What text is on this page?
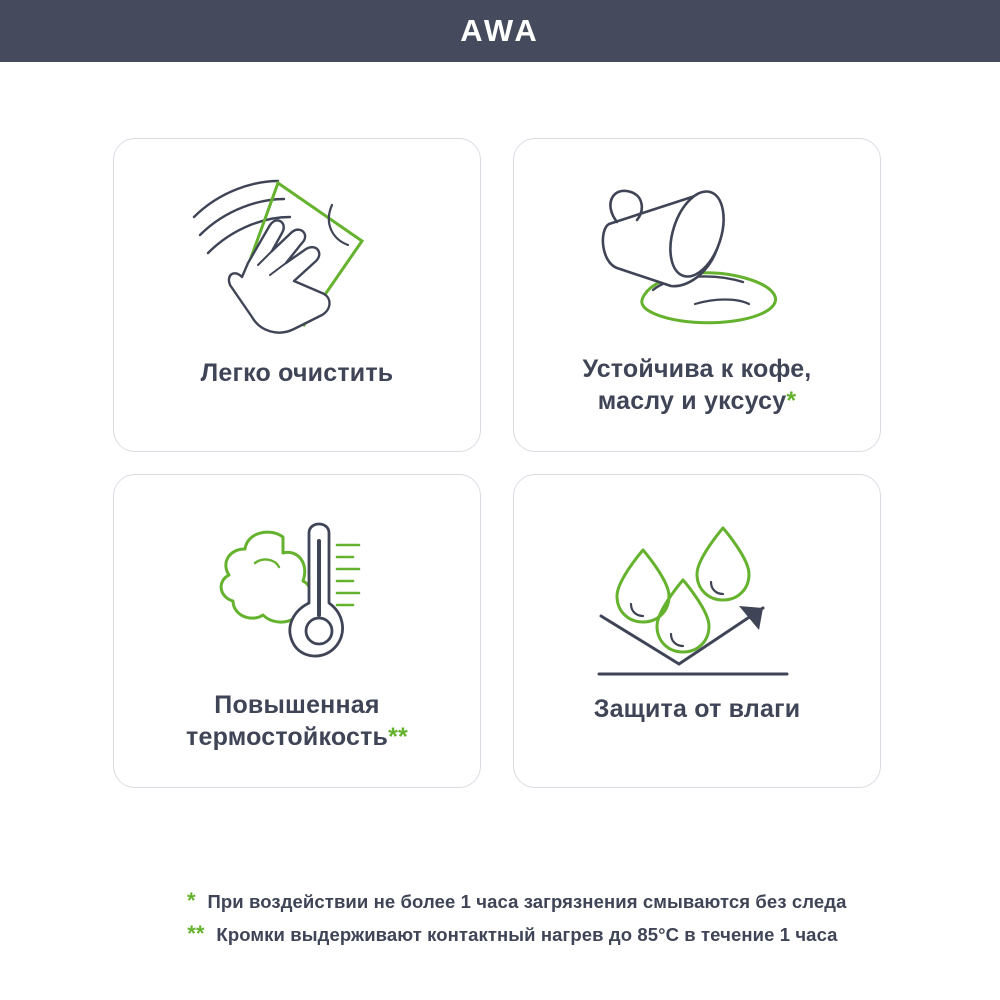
AWA
Легко очистить	Устойчива к кофе,
маслу и уксусу*
Повышенная
термостойкость**
Защита от влаги
* При воздействии не более 1 часа загрязнения смываются без следа
** Кромки выдерживают контактный нагрев до 85°С в течение 1 часа
